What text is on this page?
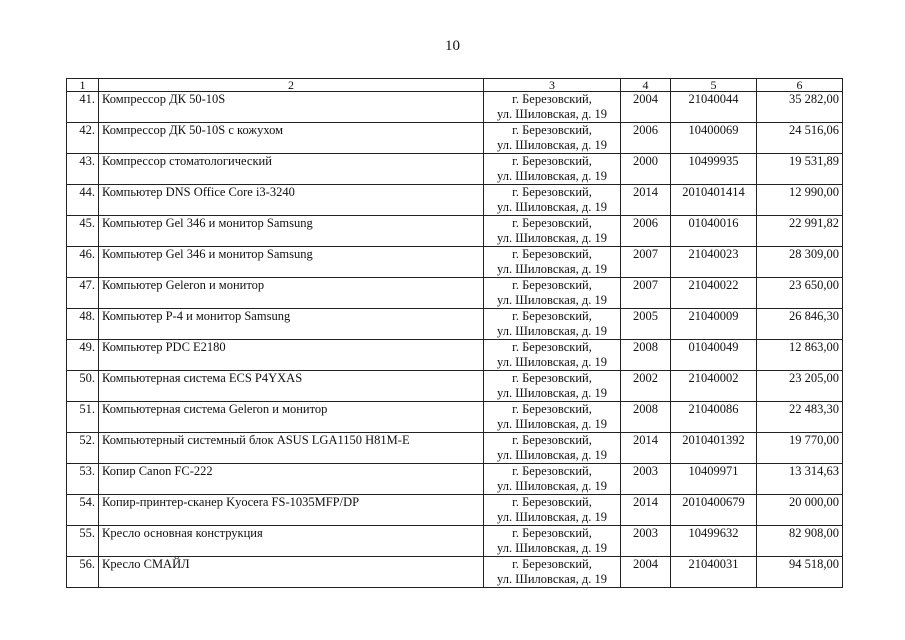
10
1	2	3	4	5	6
41.	Компрессор ДК 50-10S	г. Березовский,
ул. Шиловская, д. 19	2004	21040044	35 282,00
42.	Компрессор ДК 50-10S с кожухом	г. Березовский,
ул. Шиловская, д. 19	2006	10400069	24 516,06
43.	Компрессор стоматологический	г. Березовский,
ул. Шиловская, д. 19	2000	10499935	19 531,89
44.	Компьютер DNS Office Core i3-3240	г. Березовский,
ул. Шиловская, д. 19	2014	2010401414	12 990,00
45.	Компьютер Gel 346 и монитор Samsung	г. Березовский,
ул. Шиловская, д. 19	2006	01040016	22 991,82
46.	Компьютер Gel 346 и монитор Samsung	г. Березовский,
ул. Шиловская, д. 19	2007	21040023	28 309,00
47.	Компьютер Geleron и монитор	г. Березовский,
ул. Шиловская, д. 19	2007	21040022	23 650,00
48.	Компьютер Р-4 и монитор Samsung	г. Березовский,
ул. Шиловская, д. 19	2005	21040009	26 846,30
49.	Компьютер PDC E2180	г. Березовский,
ул. Шиловская, д. 19	2008	01040049	12 863,00
50.	Компьютерная система ECS P4YXAS	г. Березовский,
ул. Шиловская, д. 19	2002	21040002	23 205,00
51.	Компьютерная система Geleron и монитор	г. Березовский,
ул. Шиловская, д. 19	2008	21040086	22 483,30
52.	Компьютерный системный блок ASUS LGA1150 H81M-E	г. Березовский,
ул. Шиловская, д. 19	2014	2010401392	19 770,00
53.	Копир Canon FC-222	г. Березовский,
ул. Шиловская, д. 19	2003	10409971	13 314,63
54.	Копир-принтер-сканер Kyocera FS-1035MFP/DP	г. Березовский,
ул. Шиловская, д. 19	2014	2010400679	20 000,00
55.	Кресло основная конструкция	г. Березовский,
ул. Шиловская, д. 19	2003	10499632	82 908,00
56.	Кресло СМАЙЛ	г. Березовский,
ул. Шиловская, д. 19	2004	21040031	94 518,00
